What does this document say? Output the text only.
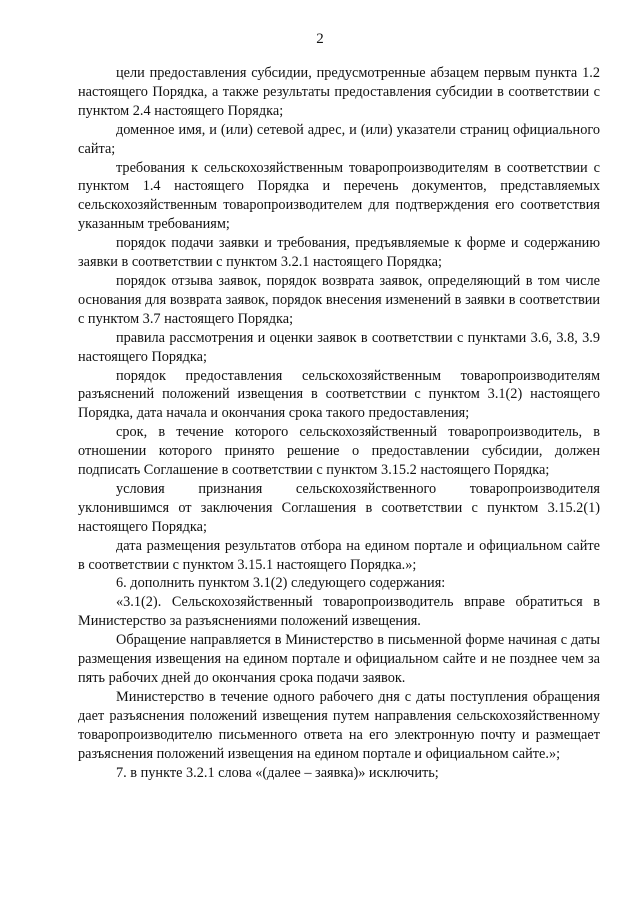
2

цели предоставления субсидии, предусмотренные абзацем первым пункта 1.2 настоящего Порядка, а также результаты предоставления субсидии в соответствии с пунктом 2.4 настоящего Порядка;

доменное имя, и (или) сетевой адрес, и (или) указатели страниц официального сайта;

требования к сельскохозяйственным товаропроизводителям в соответствии с пунктом 1.4 настоящего Порядка и перечень документов, представляемых сельскохозяйственным товаропроизводителем для подтверждения его соответствия указанным требованиям;

порядок подачи заявки и требования, предъявляемые к форме и содержанию заявки в соответствии с пунктом 3.2.1 настоящего Порядка;

порядок отзыва заявок, порядок возврата заявок, определяющий в том числе основания для возврата заявок, порядок внесения изменений в заявки в соответствии с пунктом 3.7 настоящего Порядка;

правила рассмотрения и оценки заявок в соответствии с пунктами 3.6, 3.8, 3.9 настоящего Порядка;

порядок предоставления сельскохозяйственным товаропроизводителям разъяснений положений извещения в соответствии с пунктом 3.1(2) настоящего Порядка, дата начала и окончания срока такого предоставления;

срок, в течение которого сельскохозяйственный товаропроизводитель, в отношении которого принято решение о предоставлении субсидии, должен подписать Соглашение в соответствии с пунктом 3.15.2 настоящего Порядка;

условия признания сельскохозяйственного товаропроизводителя уклонившимся от заключения Соглашения в соответствии с пунктом 3.15.2(1) настоящего Порядка;

дата размещения результатов отбора на едином портале и официальном сайте в соответствии с пунктом 3.15.1 настоящего Порядка.»;

6. дополнить пунктом 3.1(2) следующего содержания:

«3.1(2). Сельскохозяйственный товаропроизводитель вправе обратиться в Министерство за разъяснениями положений извещения.

Обращение направляется в Министерство в письменной форме начиная с даты размещения извещения на едином портале и официальном сайте и не позднее чем за пять рабочих дней до окончания срока подачи заявок.

Министерство в течение одного рабочего дня с даты поступления обращения дает разъяснения положений извещения путем направления сельскохозяйственному товаропроизводителю письменного ответа на его электронную почту и размещает разъяснения положений извещения на едином портале и официальном сайте.»;

7. в пункте 3.2.1 слова «(далее – заявка)» исключить;
